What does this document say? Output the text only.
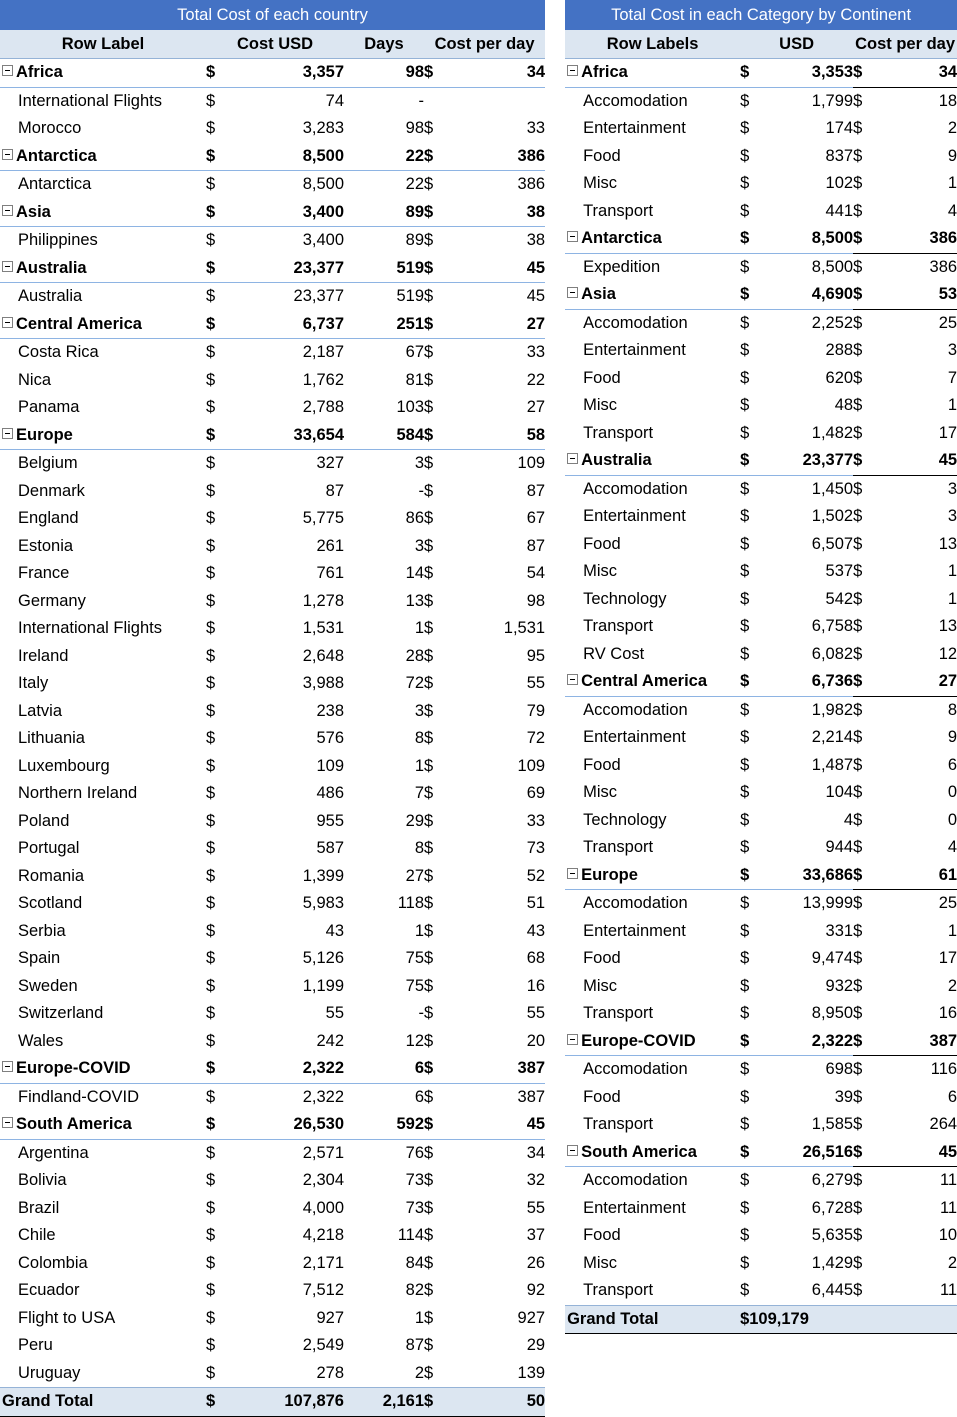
Total Cost of each country					
Row Label	Cost USD		Days	Cost per day	
Africa	$	3,357	98	$	34
International Flights	$	74	-		
Morocco	$	3,283	98	$	33
Antarctica	$	8,500	22	$	386
Antarctica	$	8,500	22	$	386
Asia	$	3,400	89	$	38
Philippines	$	3,400	89	$	38
Australia	$	23,377	519	$	45
Australia	$	23,377	519	$	45
Central America	$	6,737	251	$	27
Costa Rica	$	2,187	67	$	33
Nica	$	1,762	81	$	22
Panama	$	2,788	103	$	27
Europe	$	33,654	584	$	58
Belgium	$	327	3	$	109
Denmark	$	87	-	$	87
England	$	5,775	86	$	67
Estonia	$	261	3	$	87
France	$	761	14	$	54
Germany	$	1,278	13	$	98
International Flights	$	1,531	1	$	1,531
Ireland	$	2,648	28	$	95
Italy	$	3,988	72	$	55
Latvia	$	238	3	$	79
Lithuania	$	576	8	$	72
Luxembourg	$	109	1	$	109
Northern Ireland	$	486	7	$	69
Poland	$	955	29	$	33
Portugal	$	587	8	$	73
Romania	$	1,399	27	$	52
Scotland	$	5,983	118	$	51
Serbia	$	43	1	$	43
Spain	$	5,126	75	$	68
Sweden	$	1,199	75	$	16
Switzerland	$	55	-	$	55
Wales	$	242	12	$	20
Europe-COVID	$	2,322	6	$	387
Findland-COVID	$	2,322	6	$	387
South America	$	26,530	592	$	45
Argentina	$	2,571	76	$	34
Bolivia	$	2,304	73	$	32
Brazil	$	4,000	73	$	55
Chile	$	4,218	114	$	37
Colombia	$	2,171	84	$	26
Ecuador	$	7,512	82	$	92
Flight to USA	$	927	1	$	927
Peru	$	2,549	87	$	29
Uruguay	$	278	2	$	139
Grand Total	$	107,876	2,161	$	50
Total Cost in each Category by Continent				
Row Labels	USD		Cost per day	
Africa	$	3,353	$	34
Accomodation	$	1,799	$	18
Entertainment	$	174	$	2
Food	$	837	$	9
Misc	$	102	$	1
Transport	$	441	$	4
Antarctica	$	8,500	$	386
Expedition	$	8,500	$	386
Asia	$	4,690	$	53
Accomodation	$	2,252	$	25
Entertainment	$	288	$	3
Food	$	620	$	7
Misc	$	48	$	1
Transport	$	1,482	$	17
Australia	$	23,377	$	45
Accomodation	$	1,450	$	3
Entertainment	$	1,502	$	3
Food	$	6,507	$	13
Misc	$	537	$	1
Technology	$	542	$	1
Transport	$	6,758	$	13
RV Cost	$	6,082	$	12
Central America	$	6,736	$	27
Accomodation	$	1,982	$	8
Entertainment	$	2,214	$	9
Food	$	1,487	$	6
Misc	$	104	$	0
Technology	$	4	$	0
Transport	$	944	$	4
Europe	$	33,686	$	61
Accomodation	$	13,999	$	25
Entertainment	$	331	$	1
Food	$	9,474	$	17
Misc	$	932	$	2
Transport	$	8,950	$	16
Europe-COVID	$	2,322	$	387
Accomodation	$	698	$	116
Food	$	39	$	6
Transport	$	1,585	$	264
South America	$	26,516	$	45
Accomodation	$	6,279	$	11
Entertainment	$	6,728	$	11
Food	$	5,635	$	10
Misc	$	1,429	$	2
Transport	$	6,445	$	11
Grand Total	$109,179			
